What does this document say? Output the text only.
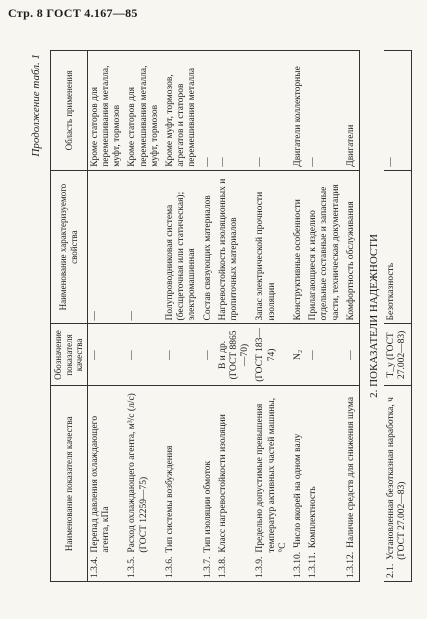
Стр. 8 ГОСТ 4.167—85
Продолжение табл. 1
Наименование показателя качества	Обозначение показателя качества	Наименование характеризуемого свойства	Область применения

1.3.4.
Перепад давления охлаждающего агента, кПа	—	—	Кроме статоров для перемешивания металла, муфт, тормозов

1.3.5.
Расход охлаждающего агента, м³/с (л/с) (ГОСТ 12259—75)	—	—	Кроме статоров для перемешивания металла, муфт, тормозов

1.3.6.
Тип системы возбуждения	—	Полупроводниковая система (бесщеточная или статическая); электромашинная	Кроме муфт, тормозов, агрегатов и статоров перемешивания металла

1.3.7.
Тип изоляции обмоток	—	Состав связующих материалов	—

1.3.8.
Класс нагревостойкости изоляции	B и др. (ГОСТ 8865—70)	Нагревостойкость изоляционных и пропиточных материалов	—

1.3.9.
Предельно допустимые превышения температур активных частей машины, °C	(ГОСТ 183—74)	Запас электрической прочности изоляции	—

1.3.10.
Число якорей на одном валу	N₂	Конструктивные особенности	Двигатели коллекторные

1.3.11.
Комплектность	—	Прилагающиеся к изделию отдельные составные и запасные части, техническая документация	—

1.3.12.
Наличие средств для снижения шума	—	Комфортность обслуживания	Двигатели
2. ПОКАЗАТЕЛИ НАДЕЖНОСТИ
2.1.
Установленная безотказная наработка, ч (ГОСТ 27.002—83)
	T_y (ГОСТ 27.002—83)	Безотказность	—
